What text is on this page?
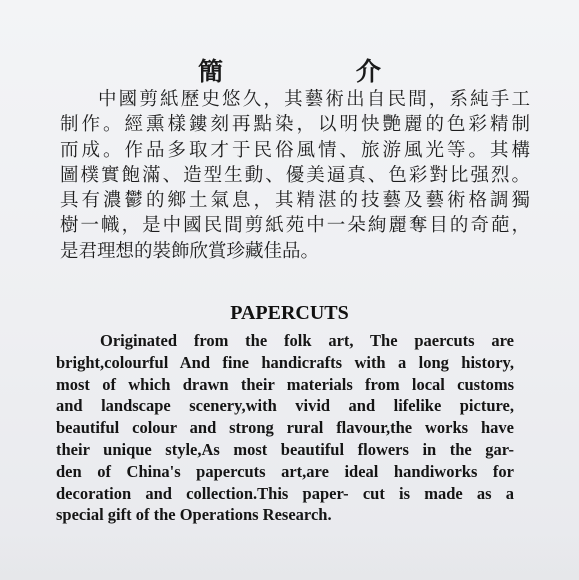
簡 介
中國剪紙歷史悠久，其藝術出自民間，系純手工
制作。經熏樣鏤刻再點染，以明快艷麗的色彩精制
而成。作品多取才于民俗風情、旅游風光等。其構
圖樸實飽滿、造型生動、優美逼真、色彩對比强烈。
具有濃鬱的鄉土氣息，其精湛的技藝及藝術格調獨
樹一幟，是中國民間剪紙苑中一朵絢麗奪目的奇葩，
是君理想的裝飾欣賞珍藏佳品。
PAPERCUTS
Originated from the folk art, The paercuts are
bright,colourful And fine handicrafts with a long history,
most of which drawn their materials from local customs
and landscape scenery,with vivid and lifelike picture,
beautiful colour and strong rural flavour,the works have
their unique style,As most beautiful flowers in the gar-
den of China's papercuts art,are ideal handiworks for
decoration and collection.This paper- cut is made as a
special gift of the Operations Research.
